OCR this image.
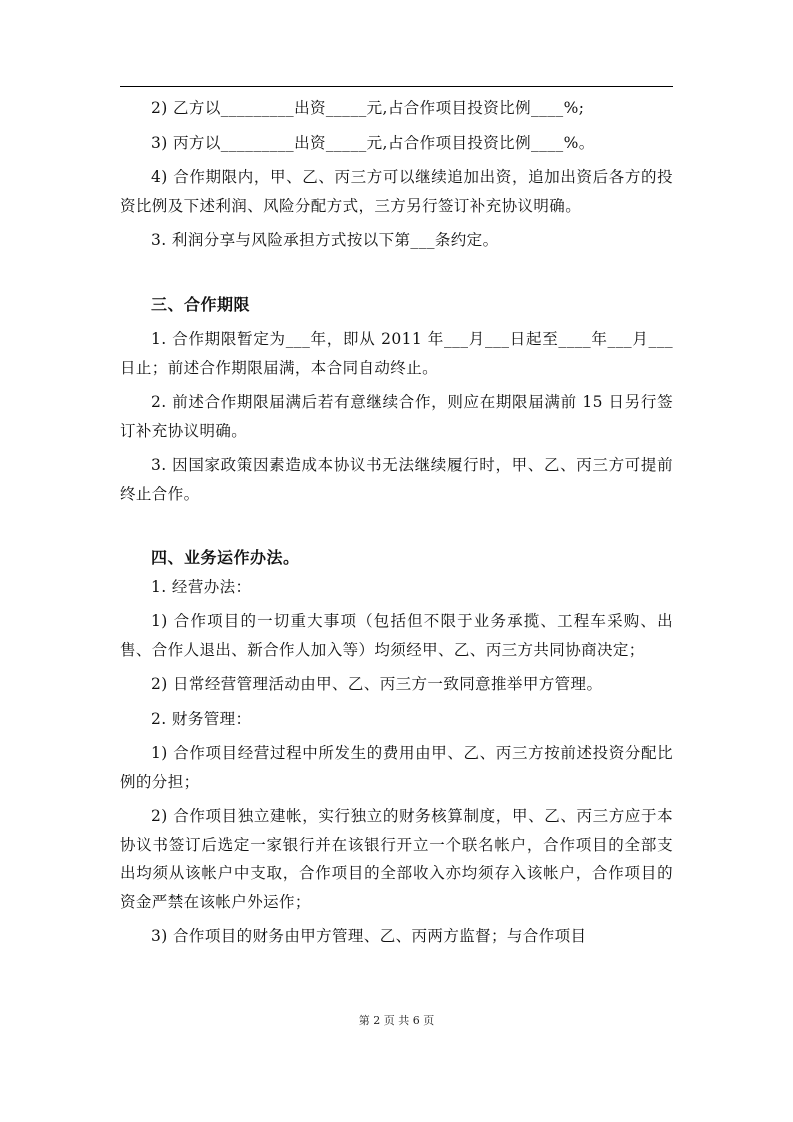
2) 乙方以_________出资_____元,占合作项目投资比例____%;

3) 丙方以_________出资_____元,占合作项目投资比例____%。

4) 合作期限内，甲、乙、丙三方可以继续追加出资，追加出资后各方的投资比例及下述利润、风险分配方式，三方另行签订补充协议明确。

3. 利润分享与风险承担方式按以下第___条约定。

三、合作期限

1. 合作期限暂定为___年，即从 2011 年___月___日起至____年___月___日止；前述合作期限届满，本合同自动终止。

2. 前述合作期限届满后若有意继续合作，则应在期限届满前 15 日另行签订补充协议明确。

3. 因国家政策因素造成本协议书无法继续履行时，甲、乙、丙三方可提前终止合作。

四、业务运作办法。

1. 经营办法：

1) 合作项目的一切重大事项（包括但不限于业务承揽、工程车采购、出售、合作人退出、新合作人加入等）均须经甲、乙、丙三方共同协商决定；

2) 日常经营管理活动由甲、乙、丙三方一致同意推举甲方管理。

2. 财务管理：

1) 合作项目经营过程中所发生的费用由甲、乙、丙三方按前述投资分配比例的分担；

2) 合作项目独立建帐，实行独立的财务核算制度，甲、乙、丙三方应于本协议书签订后选定一家银行并在该银行开立一个联名帐户，合作项目的全部支出均须从该帐户中支取，合作项目的全部收入亦均须存入该帐户，合作项目的资金严禁在该帐户外运作；

3) 合作项目的财务由甲方管理、乙、丙两方监督；与合作项目

第 2 页 共 6 页
